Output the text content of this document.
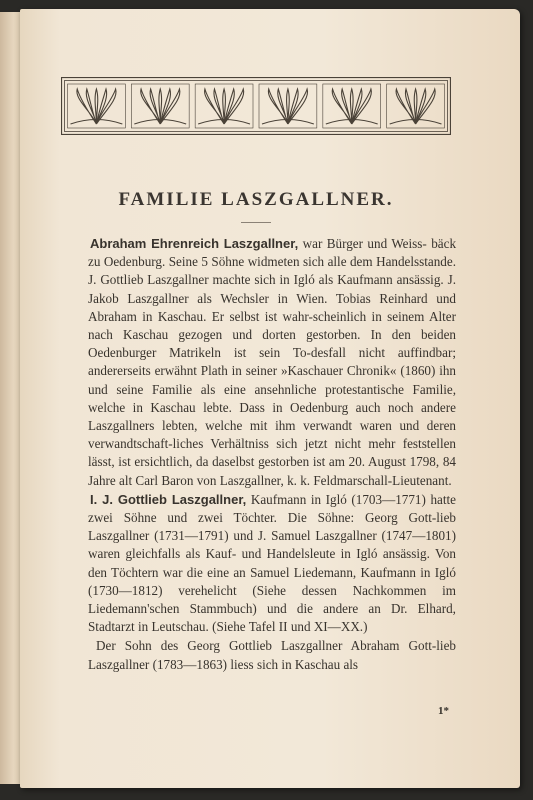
FAMILIE LASZGALLNER.

Abraham Ehrenreich Laszgallner, war Bürger und Weiss- bäck zu Oedenburg. Seine 5 Söhne widmeten sich alle dem Handelsstande. J. Gottlieb Laszgallner machte sich in Igló als Kaufmann ansässig. J. Jakob Laszgallner als Wechsler in Wien. Tobias Reinhard und Abraham in Kaschau. Er selbst ist wahr-scheinlich in seinem Alter nach Kaschau gezogen und dorten gestorben. In den beiden Oedenburger Matrikeln ist sein To-desfall nicht auffindbar; andererseits erwähnt Plath in seiner »Kaschauer Chronik« (1860) ihn und seine Familie als eine ansehnliche protestantische Familie, welche in Kaschau lebte. Dass in Oedenburg auch noch andere Laszgallners lebten, welche mit ihm verwandt waren und deren verwandtschaft-liches Verhältniss sich jetzt nicht mehr feststellen lässt, ist ersichtlich, da daselbst gestorben ist am 20. August 1798, 84 Jahre alt Carl Baron von Laszgallner, k. k. Feldmarschall-Lieutenant.

I. J. Gottlieb Laszgallner, Kaufmann in Igló (1703—1771) hatte zwei Söhne und zwei Töchter. Die Söhne: Georg Gott-lieb Laszgallner (1731—1791) und J. Samuel Laszgallner (1747—1801) waren gleichfalls als Kauf- und Handelsleute in Igló ansässig. Von den Töchtern war die eine an Samuel Liedemann, Kaufmann in Igló (1730—1812) verehelicht (Siehe dessen Nachkommen im Liedemann'schen Stammbuch) und die andere an Dr. Elhard, Stadtarzt in Leutschau. (Siehe Tafel II und XI—XX.)

Der Sohn des Georg Gottlieb Laszgallner Abraham Gott-lieb Laszgallner (1783—1863) liess sich in Kaschau als

1*
